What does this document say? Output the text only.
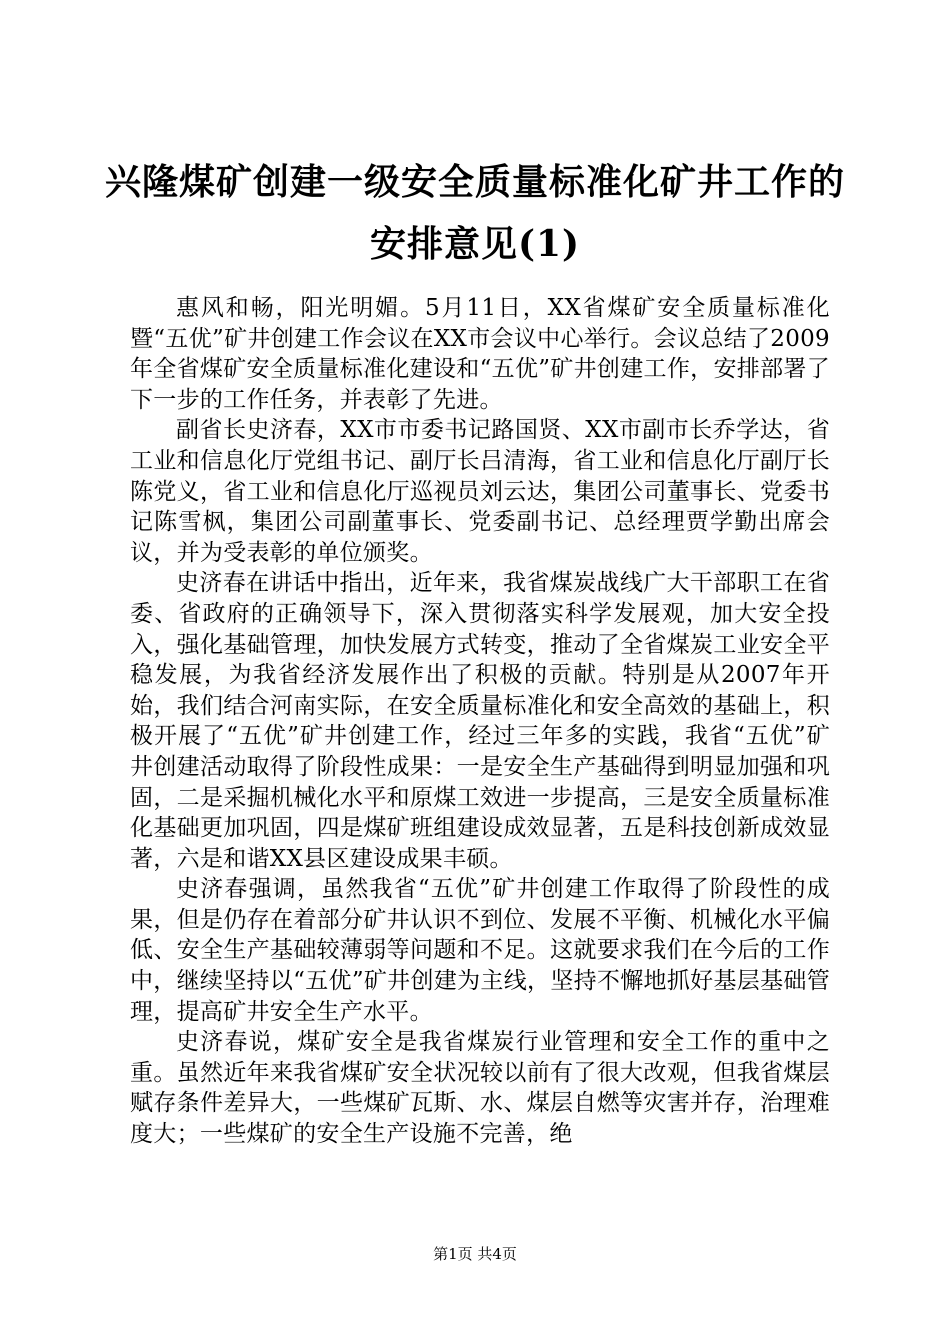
兴隆煤矿创建一级安全质量标准化矿井工作的
安排意见(1)

惠风和畅，阳光明媚。5月11日，XX省煤矿安全质量标准化暨“五优”矿井创建工作会议在XX市会议中心举行。会议总结了2009年全省煤矿安全质量标准化建设和“五优”矿井创建工作，安排部署了下一步的工作任务，并表彰了先进。

副省长史济春，XX市市委书记路国贤、XX市副市长乔学达，省工业和信息化厅党组书记、副厅长吕清海，省工业和信息化厅副厅长陈党义，省工业和信息化厅巡视员刘云达，集团公司董事长、党委书记陈雪枫，集团公司副董事长、党委副书记、总经理贾学勤出席会议，并为受表彰的单位颁奖。

史济春在讲话中指出，近年来，我省煤炭战线广大干部职工在省委、省政府的正确领导下，深入贯彻落实科学发展观，加大安全投入，强化基础管理，加快发展方式转变，推动了全省煤炭工业安全平稳发展，为我省经济发展作出了积极的贡献。特别是从2007年开始，我们结合河南实际，在安全质量标准化和安全高效的基础上，积极开展了“五优”矿井创建工作，经过三年多的实践，我省“五优”矿井创建活动取得了阶段性成果：一是安全生产基础得到明显加强和巩固，二是采掘机械化水平和原煤工效进一步提高，三是安全质量标准化基础更加巩固，四是煤矿班组建设成效显著，五是科技创新成效显著，六是和谐XX县区建设成果丰硕。

史济春强调，虽然我省“五优”矿井创建工作取得了阶段性的成果，但是仍存在着部分矿井认识不到位、发展不平衡、机械化水平偏低、安全生产基础较薄弱等问题和不足。这就要求我们在今后的工作中，继续坚持以“五优”矿井创建为主线，坚持不懈地抓好基层基础管理，提高矿井安全生产水平。

史济春说，煤矿安全是我省煤炭行业管理和安全工作的重中之重。虽然近年来我省煤矿安全状况较以前有了很大改观，但我省煤层赋存条件差异大，一些煤矿瓦斯、水、煤层自燃等灾害并存，治理难度大；一些煤矿的安全生产设施不完善，绝

第1页 共4页
